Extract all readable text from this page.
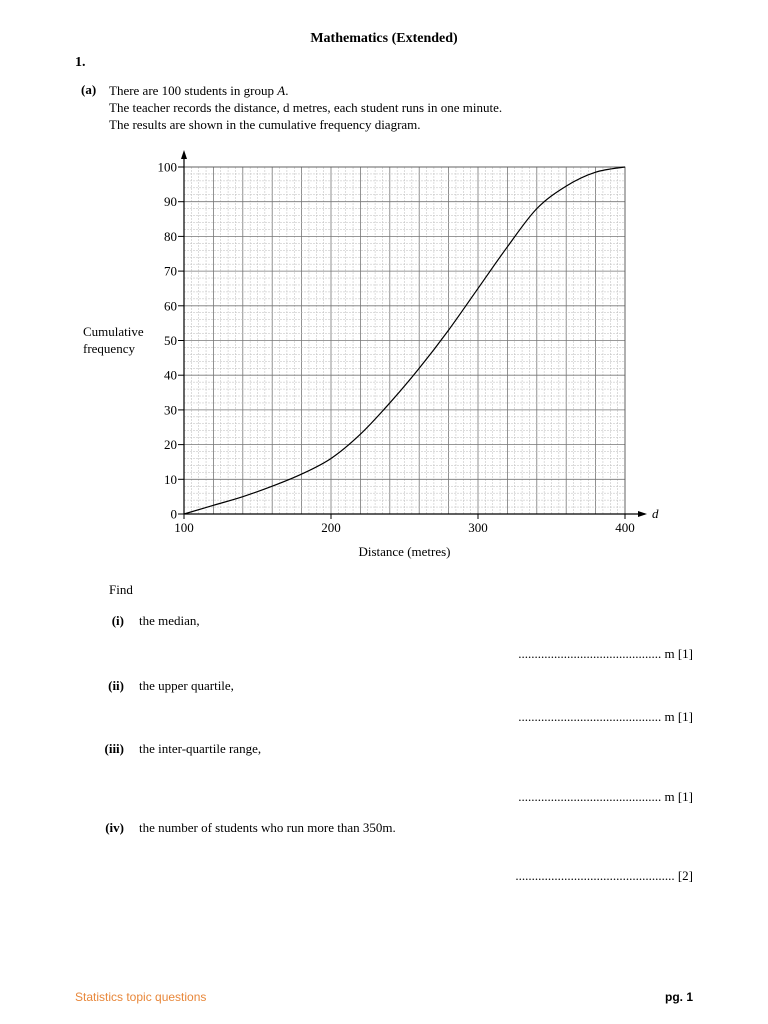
Mathematics (Extended)
1.
(a) There are 100 students in group A.
The teacher records the distance, d metres, each student runs in one minute.
The results are shown in the cumulative frequency diagram.
Cumulative
frequency
0
10
20
30
40
50
60
70
80
90
100
100	200	300	400
d
Distance (metres)
Find
(i) the median,
............................................ m [1]
(ii) the upper quartile,
............................................ m [1]
(iii) the inter-quartile range,
............................................ m [1]
(iv) the number of students who run more than 350m.
................................................. [2]
Statistics topic questions	pg. 1
